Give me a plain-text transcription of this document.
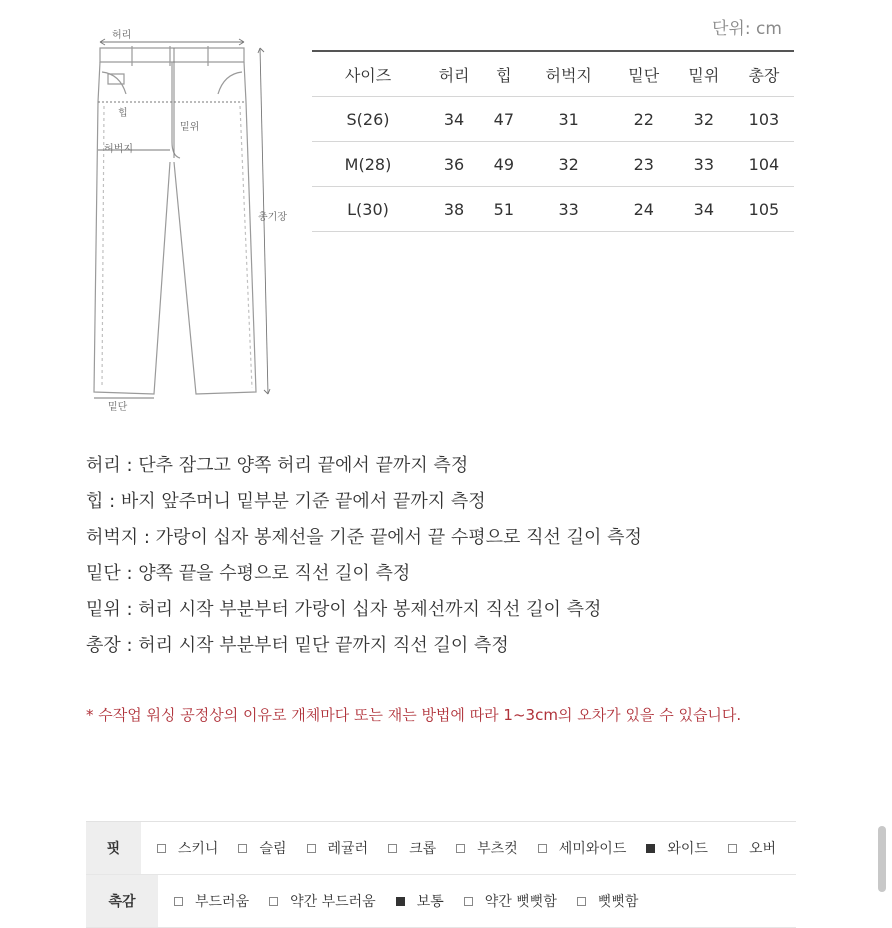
단위: cm
허리
힙
허벅지
밑위
밑단
총기장
사이즈	허리	힙	허벅지	밑단	밑위	총장
S(26)	34	47	31	22	32	103
M(28)	36	49	32	23	33	104
L(30)	38	51	33	24	34	105
허리 : 단추 잠그고 양쪽 허리 끝에서 끝까지 측정
힙 : 바지 앞주머니 밑부분 기준 끝에서 끝까지 측정
허벅지 : 가랑이 십자 봉제선을 기준 끝에서 끝 수평으로 직선 길이 측정
밑단 : 양쪽 끝을 수평으로 직선 길이 측정
밑위 : 허리 시작 부분부터 가랑이 십자 봉제선까지 직선 길이 측정
총장 : 허리 시작 부분부터 밑단 끝까지 직선 길이 측정
* 수작업 워싱 공정상의 이유로 개체마다 또는 재는 방법에 따라 1~3cm의 오차가 있을 수 있습니다.
핏	스키니	슬림	레귤러	크롭	부츠컷	세미와이드	와이드	오버
촉감	부드러움	약간 부드러움	보통	약간 뻣뻣함	뻣뻣함
